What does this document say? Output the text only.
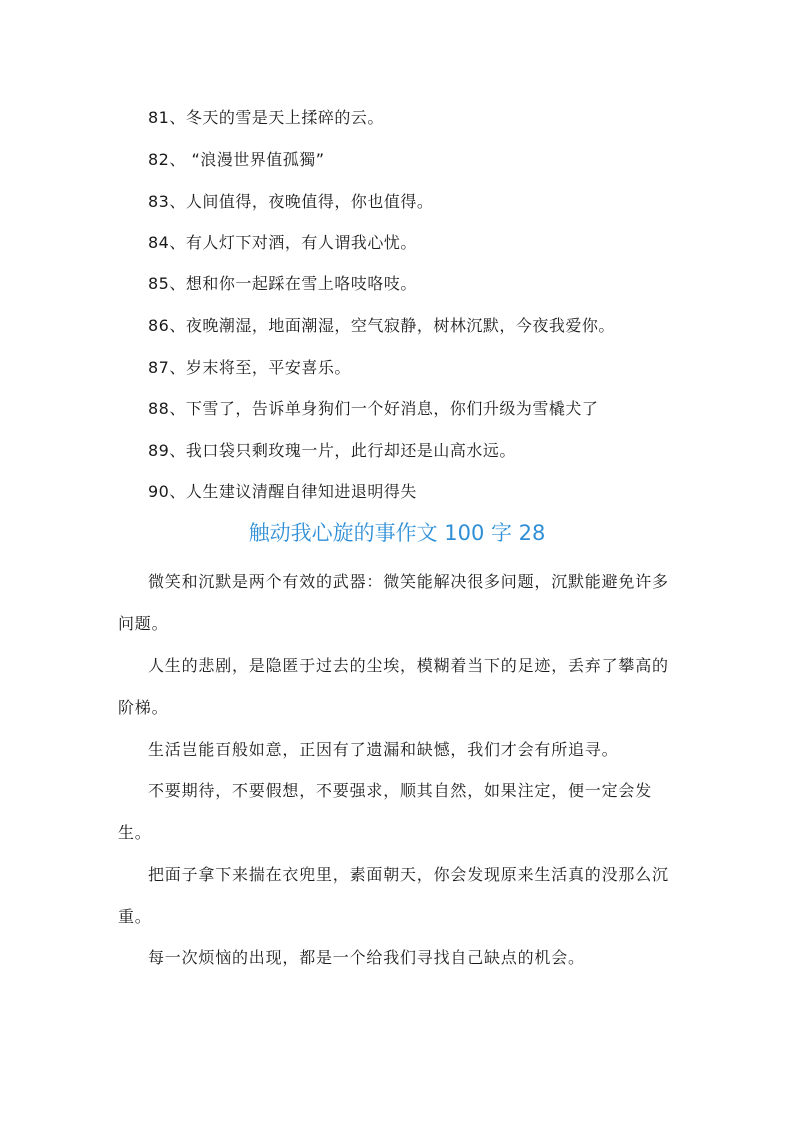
81、冬天的雪是天上揉碎的云。
82、 “浪漫世界值孤獨”
83、人间值得，夜晚值得，你也值得。
84、有人灯下对酒，有人谓我心忧。
85、想和你一起踩在雪上咯吱咯吱。
86、夜晚潮湿，地面潮湿，空气寂静，树林沉默，今夜我爱你。
87、岁末将至，平安喜乐。
88、下雪了，告诉单身狗们一个好消息，你们升级为雪橇犬了
89、我口袋只剩玫瑰一片，此行却还是山高水远。
90、人生建议清醒自律知进退明得失
触动我心旋的事作文 100 字 28
微笑和沉默是两个有效的武器：微笑能解决很多问题，沉默能避免许多问题。
人生的悲剧，是隐匿于过去的尘埃，模糊着当下的足迹，丢弃了攀高的阶梯。
生活岂能百般如意，正因有了遗漏和缺憾，我们才会有所追寻。
不要期待，不要假想，不要强求，顺其自然，如果注定，便一定会发生。
把面子拿下来揣在衣兜里，素面朝天，你会发现原来生活真的没那么沉重。
每一次烦恼的出现，都是一个给我们寻找自己缺点的机会。
